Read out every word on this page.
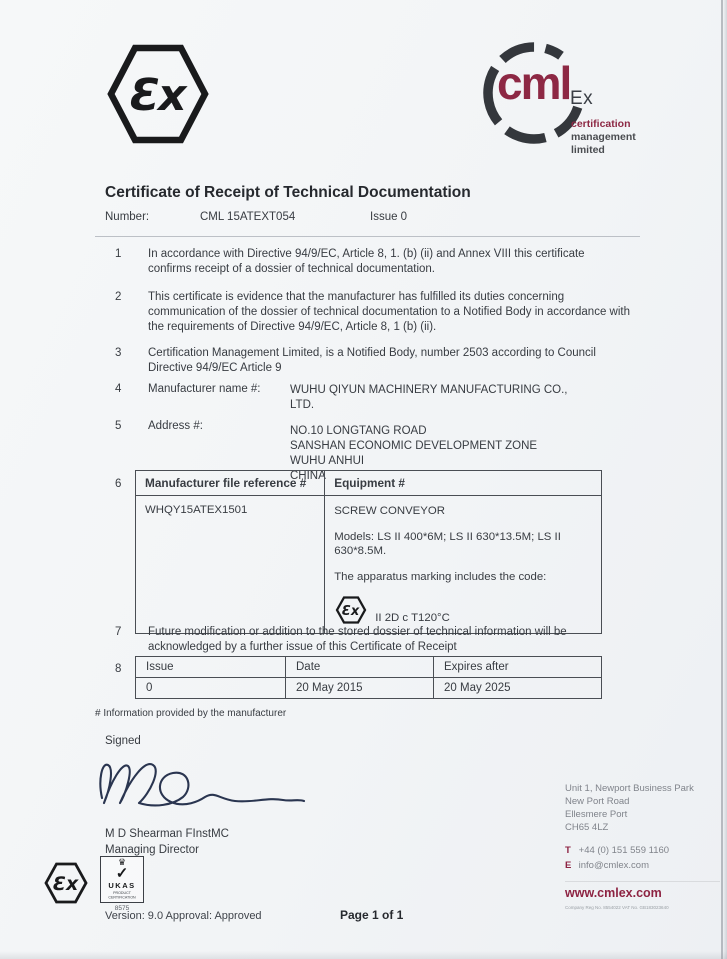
Ɛx	cml Ex
certification
management
limited
Certificate of Receipt of Technical Documentation
Number:	CML 15ATEXT054	Issue 0
1	In accordance with Directive 94/9/EC, Article 8, 1. (b) (ii) and Annex VIII this certificate confirms receipt of a dossier of technical documentation.

2	This certificate is evidence that the manufacturer has fulfilled its duties concerning communication of the dossier of technical documentation to a Notified Body in accordance with the requirements of Directive 94/9/EC, Article 8, 1 (b) (ii).

3	Certification Management Limited, is a Notified Body, number 2503 according to Council Directive 94/9/EC Article 9

4	Manufacturer name #:	WUHU QIYUN MACHINERY MANUFACTURING CO., LTD.

5	Address #:	NO.10 LONGTANG ROAD
SANSHAN ECONOMIC DEVELOPMENT ZONE
WUHU ANHUI
CHINA
6	Manufacturer file reference #	Equipment #
WHQY15ATEX1501	SCREW CONVEYOR

Models: LS II 400*6M; LS II 630*13.5M; LS II 630*8.5M.

The apparatus marking includes the code:

Ɛx II 2D c T120°C
7	Future modification or addition to the stored dossier of technical information will be acknowledged by a further issue of this Certificate of Receipt

8	Issue	Date	Expires after
0	20 May 2015	20 May 2025
# Information provided by the manufacturer
Signed
M D Shearman FInstMC
Managing Director
Ɛx
♛
✓
UKAS
PRODUCT CERTIFICATION
8575
Version: 9.0 Approval: Approved	Page 1 of 1
Unit 1, Newport Business Park
New Port Road
Ellesmere Port
CH65 4LZ
T +44 (0) 151 559 1160
E info@cmlex.com
www.cmlex.com
Company Reg No. 8554022 VAT No. GB183023640
